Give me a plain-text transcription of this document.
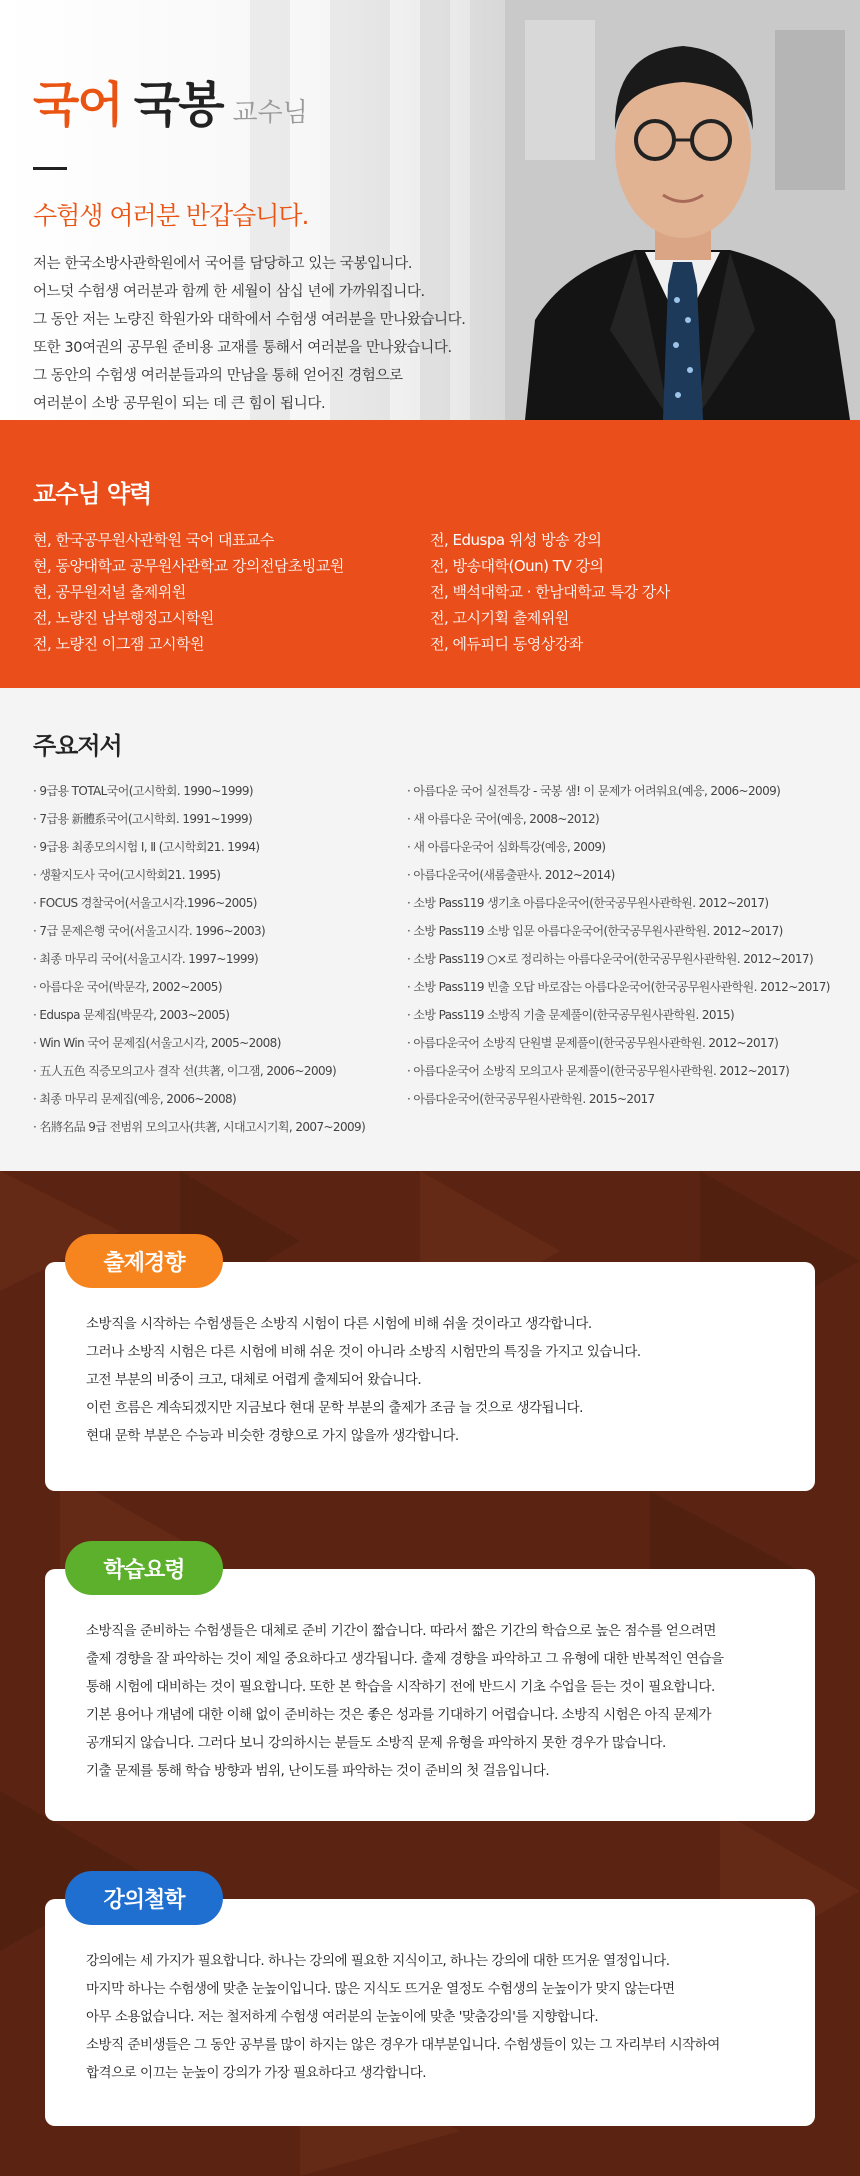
국어 국봉 교수님
수험생 여러분 반갑습니다.
저는 한국소방사관학원에서 국어를 담당하고 있는 국봉입니다.
어느덧 수험생 여러분과 함께 한 세월이 삼십 년에 가까워집니다.
그 동안 저는 노량진 학원가와 대학에서 수험생 여러분을 만나왔습니다.
또한 30여권의 공무원 준비용 교재를 통해서 여러분을 만나왔습니다.
그 동안의 수험생 여러분들과의 만남을 통해 얻어진 경험으로
여러분이 소방 공무원이 되는 데 큰 힘이 됩니다.
교수님 약력
현, 한국공무원사관학원 국어 대표교수
현, 동양대학교 공무원사관학교 강의전담초빙교원
현, 공무원저널 출제위원
전, 노량진 남부행정고시학원
전, 노량진 이그잼 고시학원
전, Eduspa 위성 방송 강의
전, 방송대학(Oun) TV 강의
전, 백석대학교 · 한남대학교 특강 강사
전, 고시기획 출제위원
전, 에듀피디 동영상강좌
주요저서
· 9급용 TOTAL국어(고시학회. 1990~1999)
· 7급용 新體系국어(고시학회. 1991~1999)
· 9급용 최종모의시험 Ⅰ, Ⅱ (고시학회21. 1994)
· 생활지도사 국어(고시학회21. 1995)
· FOCUS 경찰국어(서울고시각.1996~2005)
· 7급 문제은행 국어(서울고시각. 1996~2003)
· 최종 마무리 국어(서울고시각. 1997~1999)
· 아름다운 국어(박문각, 2002~2005)
· Eduspa 문제집(박문각, 2003~2005)
· Win Win 국어 문제집(서울고시각, 2005~2008)
· 五人五色 직증모의고사 결작 선(共著, 이그잼, 2006~2009)
· 최종 마무리 문제집(예응, 2006~2008)
· 名將名品 9급 전범위 모의고사(共著, 시대고시기획, 2007~2009)
· 아름다운 국어 실전특강 - 국봉 샘! 이 문제가 어려워요(예응, 2006~2009)
· 새 아름다운 국어(예응, 2008~2012)
· 새 아름다운국어 심화특강(예응, 2009)
· 아름다운국어(새롬출판사. 2012~2014)
· 소방 Pass119 생기초 아름다운국어(한국공무원사관학원. 2012~2017)
· 소방 Pass119 소방 입문 아름다운국어(한국공무원사관학원. 2012~2017)
· 소방 Pass119 ○×로 정리하는 아름다운국어(한국공무원사관학원. 2012~2017)
· 소방 Pass119 빈출 오답 바로잡는 아름다운국어(한국공무원사관학원. 2012~2017)
· 소방 Pass119 소방직 기출 문제풀이(한국공무원사관학원. 2015)
· 아름다운국어 소방직 단원별 문제풀이(한국공무원사관학원. 2012~2017)
· 아름다운국어 소방직 모의고사 문제풀이(한국공무원사관학원. 2012~2017)
· 아름다운국어(한국공무원사관학원. 2015~2017
출제경향
소방직을 시작하는 수험생들은 소방직 시험이 다른 시험에 비해 쉬울 것이라고 생각합니다.
그러나 소방직 시험은 다른 시험에 비해 쉬운 것이 아니라 소방직 시험만의 특징을 가지고 있습니다.
고전 부분의 비중이 크고, 대체로 어렵게 출제되어 왔습니다.
이런 흐름은 계속되겠지만 지금보다 현대 문학 부분의 출제가 조금 늘 것으로 생각됩니다.
현대 문학 부분은 수능과 비슷한 경향으로 가지 않을까 생각합니다.
학습요령
소방직을 준비하는 수험생들은 대체로 준비 기간이 짧습니다. 따라서 짧은 기간의 학습으로 높은 점수를 얻으려면
출제 경향을 잘 파악하는 것이 제일 중요하다고 생각됩니다. 출제 경향을 파악하고 그 유형에 대한 반복적인 연습을
통해 시험에 대비하는 것이 필요합니다. 또한 본 학습을 시작하기 전에 반드시 기초 수업을 듣는 것이 필요합니다.
기본 용어나 개념에 대한 이해 없이 준비하는 것은 좋은 성과를 기대하기 어렵습니다. 소방직 시험은 아직 문제가
공개되지 않습니다. 그러다 보니 강의하시는 분들도 소방직 문제 유형을 파악하지 못한 경우가 많습니다.
기출 문제를 통해 학습 방향과 범위, 난이도를 파악하는 것이 준비의 첫 걸음입니다.
강의철학
강의에는 세 가지가 필요합니다. 하나는 강의에 필요한 지식이고, 하나는 강의에 대한 뜨거운 열정입니다.
마지막 하나는 수험생에 맞춘 눈높이입니다. 많은 지식도 뜨거운 열정도 수험생의 눈높이가 맞지 않는다면
아무 소용없습니다. 저는 철저하게 수험생 여러분의 눈높이에 맞춘 '맞춤강의'를 지향합니다.
소방직 준비생들은 그 동안 공부를 많이 하지는 않은 경우가 대부분입니다. 수험생들이 있는 그 자리부터 시작하여
합격으로 이끄는 눈높이 강의가 가장 필요하다고 생각합니다.
